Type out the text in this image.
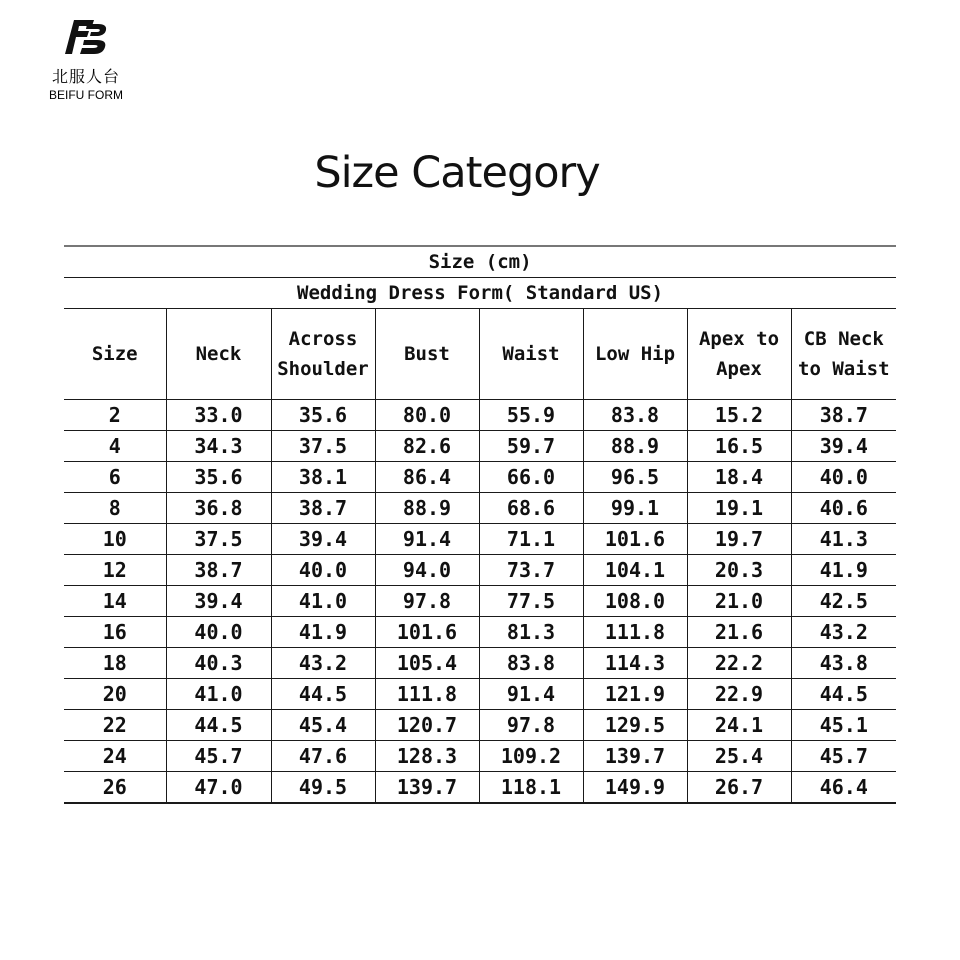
北服人台
BEIFU FORM
Size Category
Size (cm)							
Wedding Dress Form( Standard US)							
Size	Neck	Across Shoulder	Bust	Waist	Low Hip	Apex to Apex	CB Neck to Waist
2	33.0	35.6	80.0	55.9	83.8	15.2	38.7
4	34.3	37.5	82.6	59.7	88.9	16.5	39.4
6	35.6	38.1	86.4	66.0	96.5	18.4	40.0
8	36.8	38.7	88.9	68.6	99.1	19.1	40.6
10	37.5	39.4	91.4	71.1	101.6	19.7	41.3
12	38.7	40.0	94.0	73.7	104.1	20.3	41.9
14	39.4	41.0	97.8	77.5	108.0	21.0	42.5
16	40.0	41.9	101.6	81.3	111.8	21.6	43.2
18	40.3	43.2	105.4	83.8	114.3	22.2	43.8
20	41.0	44.5	111.8	91.4	121.9	22.9	44.5
22	44.5	45.4	120.7	97.8	129.5	24.1	45.1
24	45.7	47.6	128.3	109.2	139.7	25.4	45.7
26	47.0	49.5	139.7	118.1	149.9	26.7	46.4
